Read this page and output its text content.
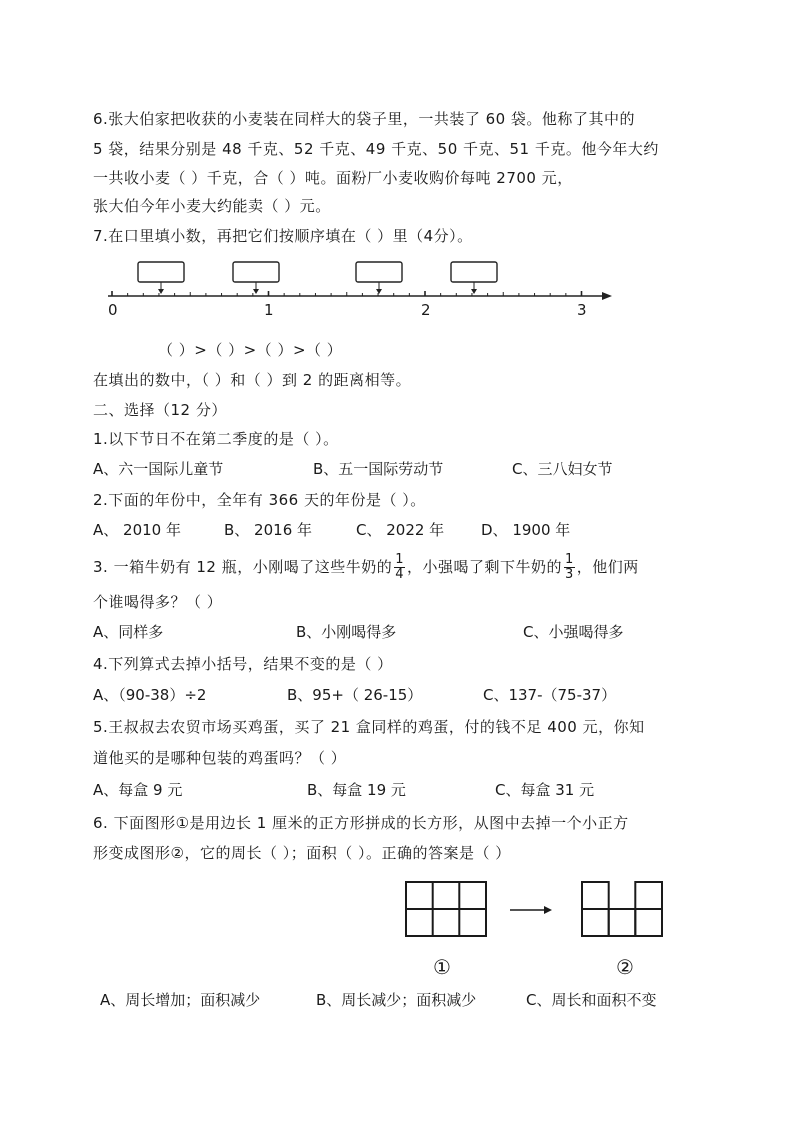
6.张大伯家把收获的小麦装在同样大的袋子里，一共装了 60 袋。他称了其中的
5 袋，结果分别是 48 千克、52 千克、49 千克、50 千克、51 千克。他今年大约
一共收小麦（ ）千克，合（ ）吨。面粉厂小麦收购价每吨 2700 元，
张大伯今年小麦大约能卖（ ）元。
7.在口里填小数，再把它们按顺序填在（ ）里（4分）。
0	1	2	3
（ ）>（ ）>（ ）>（ ）
在填出的数中，（ ）和（ ）到 2 的距离相等。
二、选择（12 分）
1.以下节日不在第二季度的是（ ）。
A、六一国际儿童节	B、五一国际劳动节	C、三八妇女节
2.下面的年份中，全年有 366 天的年份是（ ）。
A、 2010 年	B、 2016 年	C、 2022 年 D、 1900 年
3. 一箱牛奶有 12 瓶，小刚喝了这些牛奶的 $\frac{1}{4}$ ，小强喝了剩下牛奶的 $\frac{1}{3}$ ，他们两
个谁喝得多？（ ）
A、同样多	B、小刚喝得多	C、小强喝得多
4.下列算式去掉小括号，结果不变的是（ ）
A、（90-38）÷2	B、95+（ 26-15）	C、137-（75-37）
5.王叔叔去农贸市场买鸡蛋，买了 21 盒同样的鸡蛋，付的钱不足 400 元，你知
道他买的是哪种包装的鸡蛋吗？（ ）
A、每盒 9 元	B、每盒 19 元	C、每盒 31 元
6. 下面图形①是用边长 1 厘米的正方形拼成的长方形，从图中去掉一个小正方
形变成图形②，它的周长（ ）；面积（ ）。正确的答案是（ ）
①	②
A、周长增加；面积减少	B、周长减少；面积减少	C、周长和面积不变
